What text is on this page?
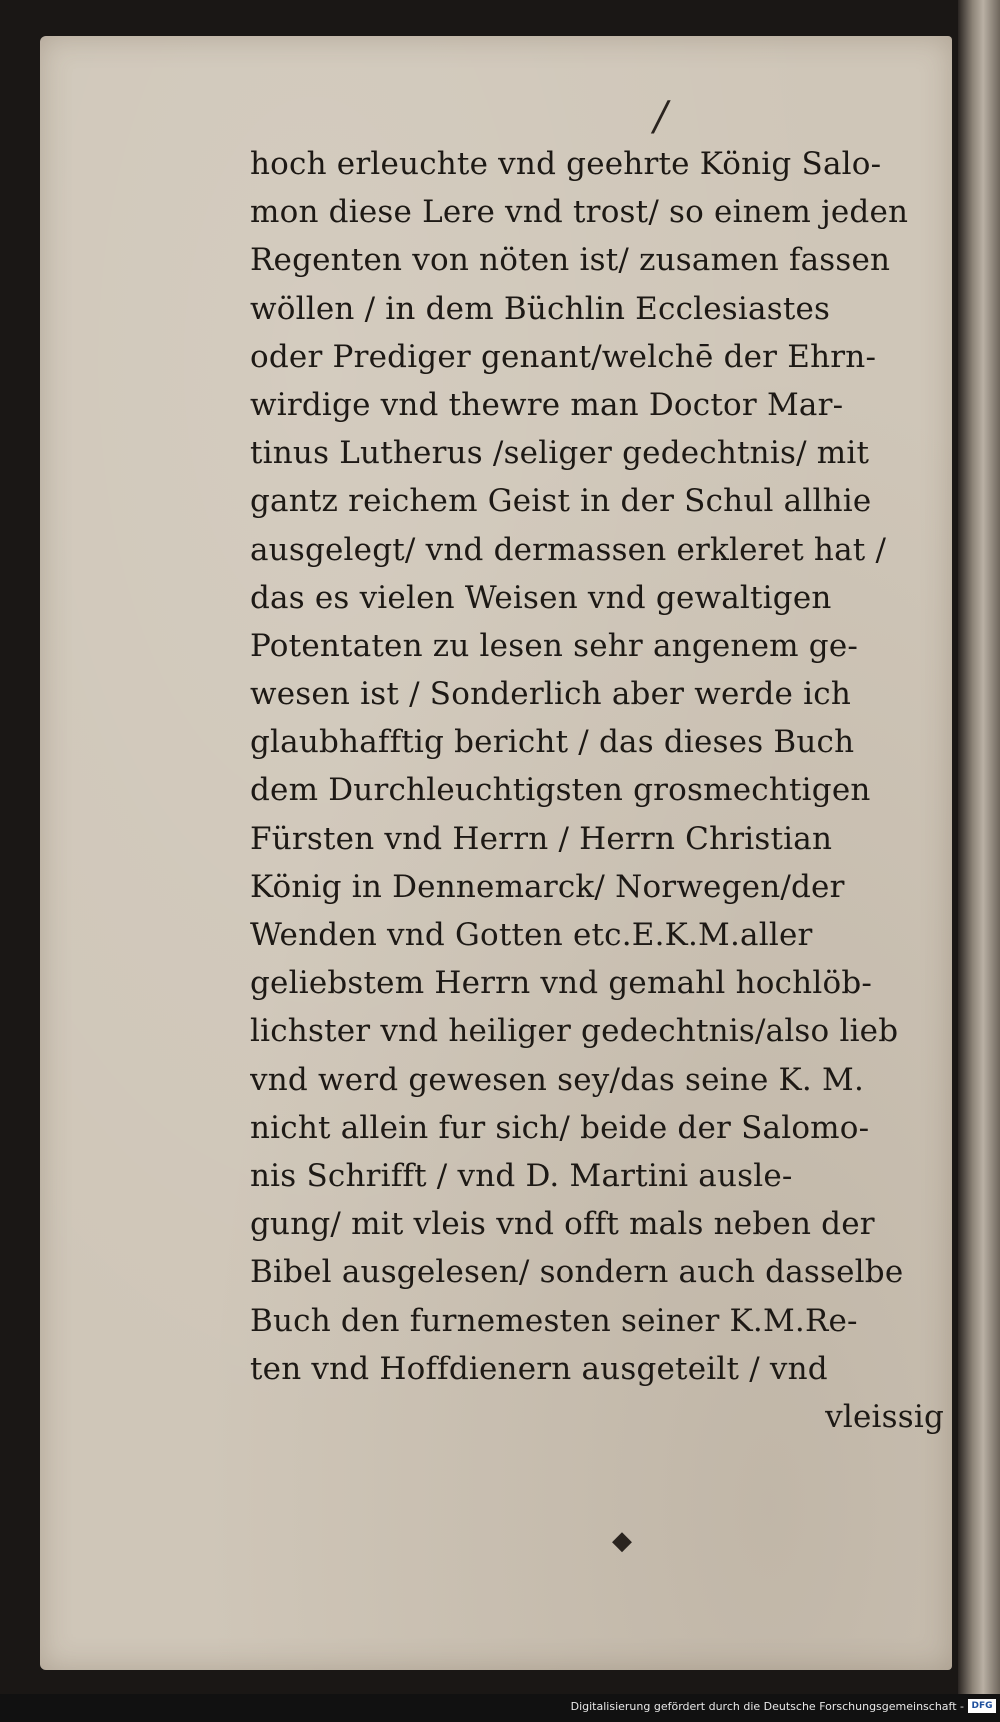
/
hoch erleuchte vnd geehrte König Salo-
mon diese Lere vnd trost/ so einem jeden
Regenten von nöten ist/ zusamen fassen
wöllen / in dem Büchlin Ecclesiastes
oder Prediger genant/welchē der Ehrn-
wirdige vnd thewre man Doctor Mar-
tinus Lutherus /seliger gedechtnis/ mit
gantz reichem Geist in der Schul allhie
ausgelegt/ vnd dermassen erkleret hat /
das es vielen Weisen vnd gewaltigen
Potentaten zu lesen sehr angenem ge-
wesen ist / Sonderlich aber werde ich
glaubhafftig bericht / das dieses Buch
dem Durchleuchtigsten grosmechtigen
Fürsten vnd Herrn / Herrn Christian
König in Dennemarck/ Norwegen/der
Wenden vnd Gotten etc.E.K.M.aller
geliebstem Herrn vnd gemahl hochlöb-
lichster vnd heiliger gedechtnis/also lieb
vnd werd gewesen sey/das seine K. M.
nicht allein fur sich/ beide der Salomo-
nis Schrifft / vnd D. Martini ausle-
gung/ mit vleis vnd offt mals neben der
Bibel ausgelesen/ sondern auch dasselbe
Buch den furnemesten seiner K.M.Re-
ten vnd Hoffdienern ausgeteilt / vnd
vleissig
◆
Digitalisierung gefördert durch die Deutsche Forschungsgemeinschaft - DFG
